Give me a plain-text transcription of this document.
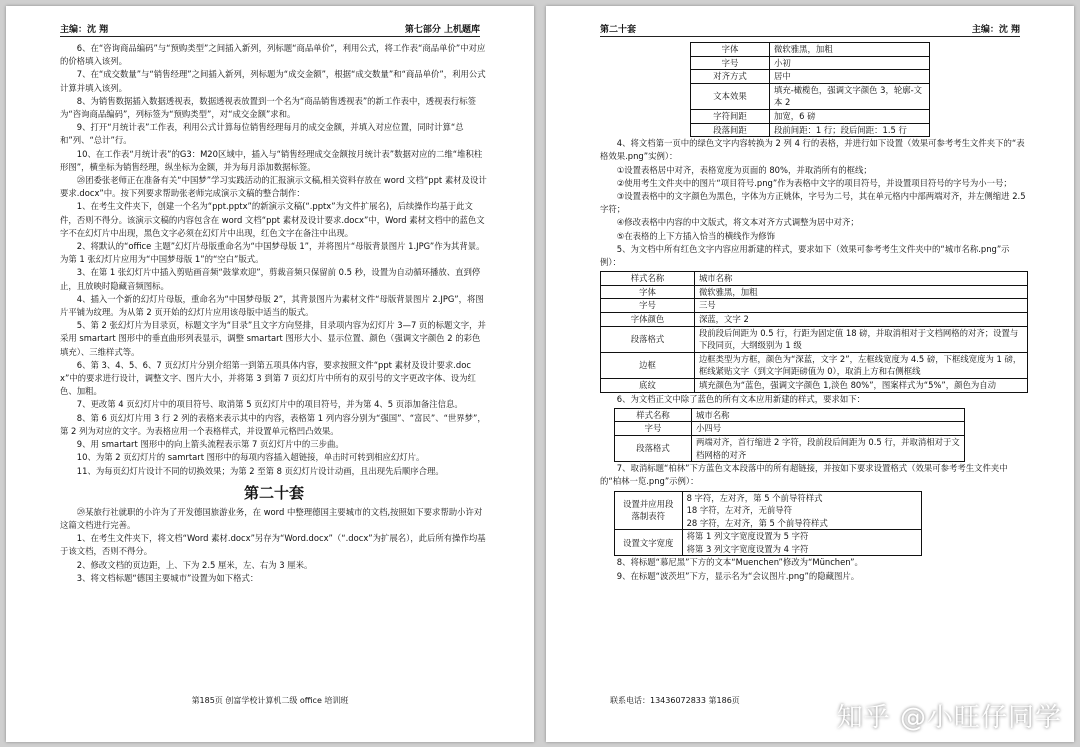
主编：沈 翔	第七部分 上机题库

6、在“咨询商品编码”与“预购类型”之间插入新列，列标题“商品单价”，利用公式，将工作表“商品单价”中对应的价格填入该列。

7、在“成交数量”与“销售经理”之间插入新列，列标题为“成交金额”，根据“成交数量”和“商品单价”，利用公式计算并填入该列。

8、为销售数据插入数据透视表，数据透视表放置到一个名为“商品销售透视表”的新工作表中，透视表行标签为“咨询商品编码”，列标签为“预购类型”，对“成交金额”求和。

9、打开“月统计表”工作表，利用公式计算每位销售经理每月的成交金额，并填入对应位置，同时计算“总和”列、“总计”行。

10、在工作表“月统计表”的G3：M20区域中，插入与“销售经理成交金额按月统计表”数据对应的二维“堆积柱形图”，横坐标为销售经理，纵坐标为金额，并为每月添加数据标签。

㉘团委张老师正在准备有关“中国梦”学习实践活动的汇报演示文稿,相关资料存放在 word 文档“ppt 素材及设计要求.docx”中。按下列要求帮助张老师完成演示文稿的整合制作：

1、在考生文件夹下，创建一个名为“ppt.pptx”的新演示文稿(“.pptx”为文件扩展名)，后续操作均基于此文件，否则不得分。该演示文稿的内容包含在 word 文档“ppt 素材及设计要求.docx”中，Word 素材文档中的蓝色文字不在幻灯片中出现，黑色文字必须在幻灯片中出现，红色文字在备注中出现。

2、将默认的“office 主题”幻灯片母版重命名为“中国梦母版 1”，并将图片“母版背景图片 1.JPG”作为其背景。为第 1 张幻灯片应用为“中国梦母版 1”的“空白”版式。

3、在第 1 张幻灯片中插入剪贴画音频“鼓掌欢迎”，剪裁音频只保留前 0.5 秒，设置为自动循环播放、直到停止，且放映时隐藏音频图标。

4、插入一个新的幻灯片母版，重命名为“中国梦母版 2”，其背景图片为素材文件“母版背景图片 2.JPG”，将图片平铺为纹理。为从第 2 页开始的幻灯片应用该母版中适当的版式。

5、第 2 张幻灯片为目录页，标题文字为“目录”且文字方向竖排，目录项内容为幻灯片 3—7 页的标题文字，并采用 smartart 图形中的垂直曲形列表显示，调整 smartart 图形大小、显示位置、颜色（强调文字颜色 2 的彩色填充）、三维样式等。

6、第 3、4、5、6、7 页幻灯片分别介绍第一到第五项具体内容，要求按照文件“ppt 素材及设计要求.docx”中的要求进行设计，调整文字、图片大小，并将第 3 到第 7 页幻灯片中所有的双引号的文字更改字体、设为红色、加粗。

7、更改第 4 页幻灯片中的项目符号、取消第 5 页幻灯片中的项目符号，并为第 4、5 页添加备注信息。

8、第 6 页幻灯片用 3 行 2 列的表格来表示其中的内容，表格第 1 列内容分别为“强国”、“富民”、“世界梦”，第 2 列为对应的文字。为表格应用一个表格样式，并设置单元格凹凸效果。

9、用 smartart 图形中的向上箭头流程表示第 7 页幻灯片中的三步曲。

10、为第 2 页幻灯片的 samrtart 图形中的每项内容插入超链接，单击时可转到相应幻灯片。

11、为每页幻灯片设计不同的切换效果；为第 2 至第 8 页幻灯片设计动画，且出现先后顺序合理。

第二十套

㉙某旅行社就职的小许为了开发德国旅游业务，在 word 中整理德国主要城市的文档,按照如下要求帮助小许对这篇文档进行完善。

1、在考生文件夹下，将文档“Word 素材.docx”另存为“Word.docx”（“.docx”为扩展名），此后所有操作均基于该文档，否则不得分。

2、修改文档的页边距，上、下为 2.5 厘米，左、右为 3 厘米。

3、将文档标题“德国主要城市”设置为如下格式：

第185页 创富学校计算机二级 office 培训班
第二十套	主编：沈 翔
字体	微软雅黑，加粗
字号	小初
对齐方式	居中
文本效果	填充-橄榄色，强调文字颜色 3，轮廓-文本 2
字符间距	加宽，6 磅
段落间距	段前间距：1 行；段后间距：1.5 行

4、将文档第一页中的绿色文字内容转换为 2 列 4 行的表格，并进行如下设置（效果可参考考生文件夹下的“表格效果.png”实例）：

①设置表格居中对齐，表格宽度为页面的 80%，并取消所有的框线；

②使用考生文件夹中的图片“项目符号.png”作为表格中文字的项目符号，并设置项目符号的字号为小一号；

③设置表格中的文字颜色为黑色，字体为方正姚体，字号为二号，其在单元格内中部两端对齐，并左侧缩进 2.5 字符；

④修改表格中内容的中文版式，将文本对齐方式调整为居中对齐；

⑤在表格的上下方插入恰当的横线作为修饰

5、为文档中所有红色文字内容应用新建的样式，要求如下（效果可参考考生文件夹中的“城市名称.png”示例）：

样式名称	城市名称
字体	微软雅黑，加粗
字号	三号
字体颜色	深蓝，文字 2
段落格式	段前段后间距为 0.5 行，行距为固定值 18 磅，并取消相对于文档网格的对齐；设置与下段同页，大纲级别为 1 级
边框	边框类型为方框，颜色为“深蓝，文字 2”，左框线宽度为 4.5 磅，下框线宽度为 1 磅，框线紧贴文字（到文字间距磅值为 0），取消上方和右侧框线
底纹	填充颜色为“蓝色，强调文字颜色 1,淡色 80%”，图案样式为“5%”，颜色为自动

6、为文档正文中除了蓝色的所有文本应用新建的样式，要求如下：

样式名称	城市名称
字号	小四号
段落格式	两端对齐，首行缩进 2 字符，段前段后间距为 0.5 行，并取消相对于文档网格的对齐

7、取消标题“柏林”下方蓝色文本段落中的所有超链接，并按如下要求设置格式（效果可参考考生文件夹中的“柏林一览.png”示例）：

设置并应用段落制表符	8 字符，左对齐，第 5 个前导符样式
18 字符，左对齐，无前导符
28 字符，左对齐，第 5 个前导符样式
设置文字宽度	将第 1 列文字宽度设置为 5 字符
将第 3 列文字宽度设置为 4 字符

8、将标题“慕尼黑”下方的文本“Muenchen”修改为“München”。

9、在标题“波茨坦”下方，显示名为“会议图片.png”的隐藏图片。

联系电话：13436072833 第186页
知乎 @小旺仔同学
